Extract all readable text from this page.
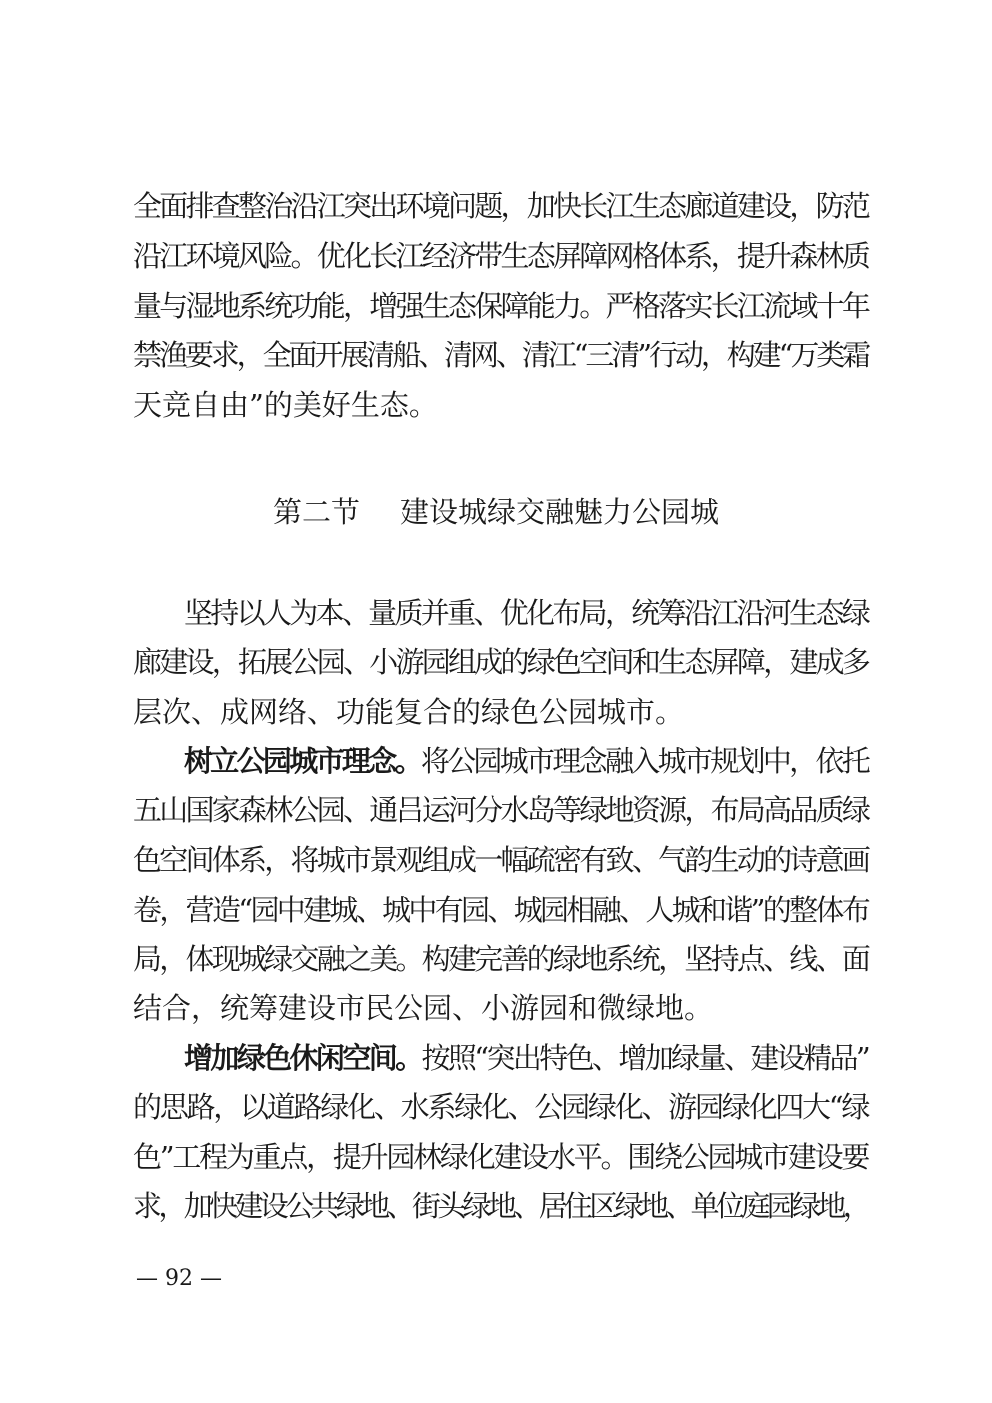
全面排查整治沿江突出环境问题，加快长江生态廊道建设，防范
沿江环境风险。优化长江经济带生态屏障网格体系，提升森林质
量与湿地系统功能，增强生态保障能力。严格落实长江流域十年
禁渔要求，全面开展清船、清网、清江“三清”行动，构建“万类霜
天竞自由”的美好生态。
第二节 建设城绿交融魅力公园城
坚持以人为本、量质并重、优化布局，统筹沿江沿河生态绿
廊建设，拓展公园、小游园组成的绿色空间和生态屏障，建成多
层次、成网络、功能复合的绿色公园城市。
树立公园城市理念。将公园城市理念融入城市规划中，依托
五山国家森林公园、通吕运河分水岛等绿地资源，布局高品质绿
色空间体系，将城市景观组成一幅疏密有致、气韵生动的诗意画
卷，营造“园中建城、城中有园、城园相融、人城和谐”的整体布
局，体现城绿交融之美。构建完善的绿地系统，坚持点、线、面
结合，统筹建设市民公园、小游园和微绿地。
增加绿色休闲空间。按照“突出特色、增加绿量、建设精品”
的思路，以道路绿化、水系绿化、公园绿化、游园绿化四大“绿
色”工程为重点，提升园林绿化建设水平。围绕公园城市建设要
求，加快建设公共绿地、街头绿地、居住区绿地、单位庭园绿地，
— 92 —
